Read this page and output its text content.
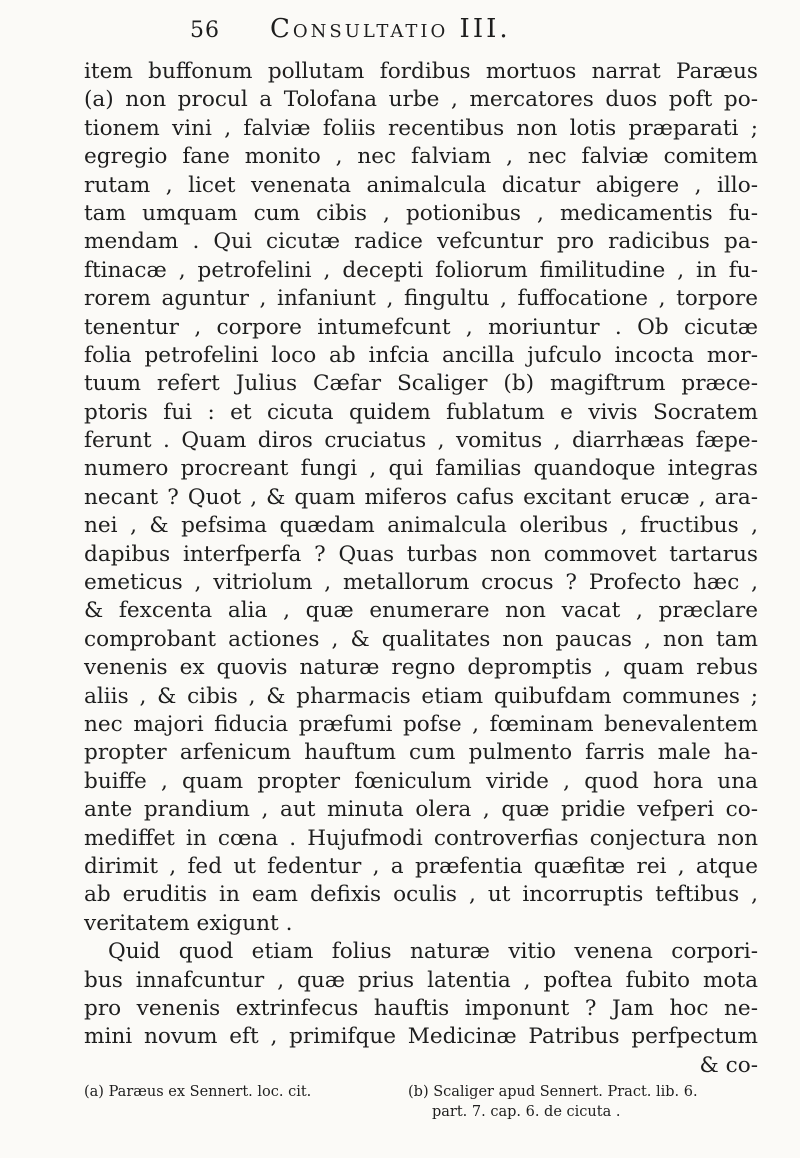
56	Consultatio III.
item buffonum pollutam fordibus mortuos narrat Paræus
(a) non procul a Tolofana urbe , mercatores duos poft po-
tionem vini , falviæ foliis recentibus non lotis præparati ;
egregio fane monito , nec falviam , nec falviæ comitem
rutam , licet venenata animalcula dicatur abigere , illo-
tam umquam cum cibis , potionibus , medicamentis fu-
mendam . Qui cicutæ radice vefcuntur pro radicibus pa-
ftinacæ , petrofelini , decepti foliorum fimilitudine , in fu-
rorem aguntur , infaniunt , fingultu , fuffocatione , torpore
tenentur , corpore intumefcunt , moriuntur . Ob cicutæ
folia petrofelini loco ab infcia ancilla jufculo incocta mor-
tuum refert Julius Cæfar Scaliger (b) magiftrum præce-
ptoris fui : et cicuta quidem fublatum e vivis Socratem
ferunt . Quam diros cruciatus , vomitus , diarrhæas fæpe-
numero procreant fungi , qui familias quandoque integras
necant ? Quot , & quam miferos cafus excitant erucæ , ara-
nei , & pefsima quædam animalcula oleribus , fructibus ,
dapibus interfperfa ? Quas turbas non commovet tartarus
emeticus , vitriolum , metallorum crocus ? Profecto hæc ,
& fexcenta alia , quæ enumerare non vacat , præclare
comprobant actiones , & qualitates non paucas , non tam
venenis ex quovis naturæ regno depromptis , quam rebus
aliis , & cibis , & pharmacis etiam quibufdam communes ;
nec majori fiducia præfumi pofse , fœminam benevalentem
propter arfenicum hauftum cum pulmento farris male ha-
buiffe , quam propter fœniculum viride , quod hora una
ante prandium , aut minuta olera , quæ pridie vefperi co-
mediffet in cœna . Hujufmodi controverfias conjectura non
dirimit , fed ut fedentur , a præfentia quæfitæ rei , atque
ab eruditis in eam defixis oculis , ut incorruptis teftibus ,
veritatem exigunt .
Quid quod etiam folius naturæ vitio venena corpori-
bus innafcuntur , quæ prius latentia , poftea fubito mota
pro venenis extrinfecus hauftis imponunt ? Jam hoc ne-
mini novum eft , primifque Medicinæ Patribus perfpectum
& co-
(a) Paræus ex Sennert. loc. cit.	(b) Scaliger apud Sennert. Pract. lib. 6.
part. 7. cap. 6. de cicuta .
